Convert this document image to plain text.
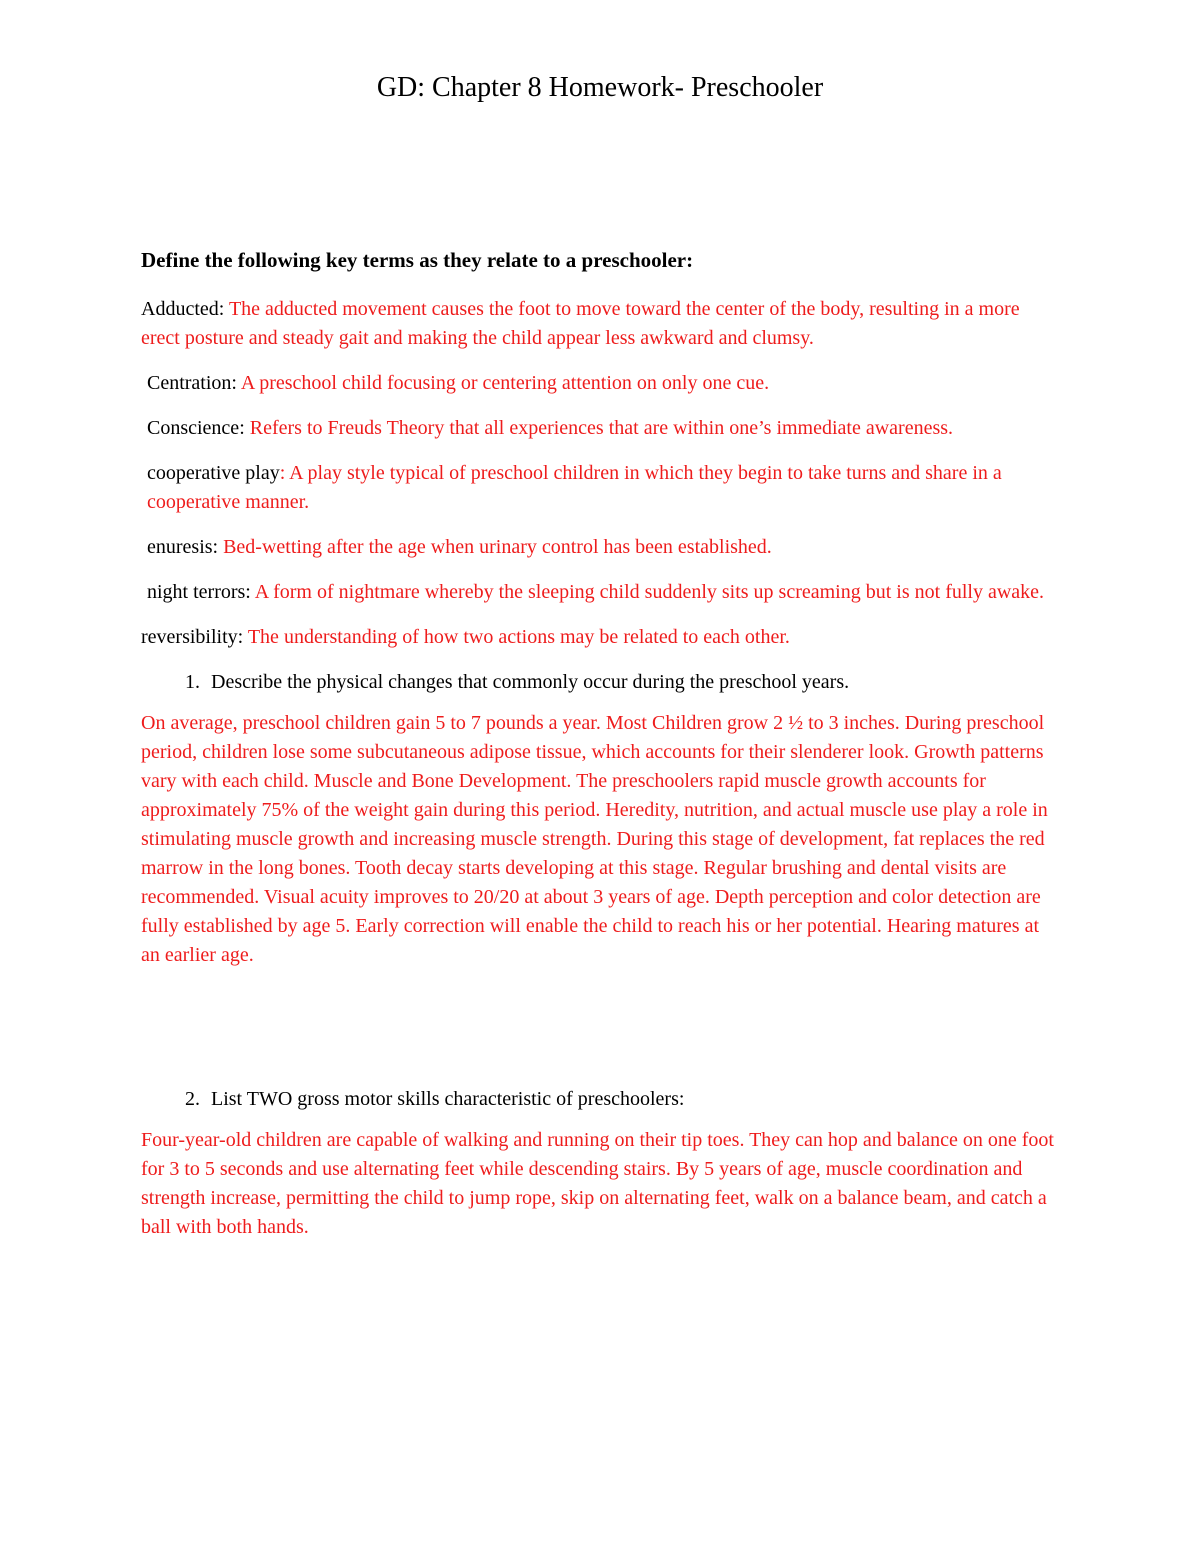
GD: Chapter 8 Homework- Preschooler

Define the following key terms as they relate to a preschooler:

Adducted: The adducted movement causes the foot to move toward the center of the body, resulting in a more erect posture and steady gait and making the child appear less awkward and clumsy.

Centration: A preschool child focusing or centering attention on only one cue.

Conscience: Refers to Freuds Theory that all experiences that are within one’s immediate awareness.

cooperative play: A play style typical of preschool children in which they begin to take turns and share in a cooperative manner.

enuresis: Bed-wetting after the age when urinary control has been established.

night terrors: A form of nightmare whereby the sleeping child suddenly sits up screaming but is not fully awake.

reversibility: The understanding of how two actions may be related to each other.

1. Describe the physical changes that commonly occur during the preschool years.

On average, preschool children gain 5 to 7 pounds a year. Most Children grow 2 ½ to 3 inches. During preschool period, children lose some subcutaneous adipose tissue, which accounts for their slenderer look. Growth patterns vary with each child. Muscle and Bone Development. The preschoolers rapid muscle growth accounts for approximately 75% of the weight gain during this period. Heredity, nutrition, and actual muscle use play a role in stimulating muscle growth and increasing muscle strength. During this stage of development, fat replaces the red marrow in the long bones. Tooth decay starts developing at this stage. Regular brushing and dental visits are recommended. Visual acuity improves to 20/20 at about 3 years of age. Depth perception and color detection are fully established by age 5. Early correction will enable the child to reach his or her potential. Hearing matures at an earlier age.

2. List TWO gross motor skills characteristic of preschoolers:

Four-year-old children are capable of walking and running on their tip toes. They can hop and balance on one foot for 3 to 5 seconds and use alternating feet while descending stairs. By 5 years of age, muscle coordination and strength increase, permitting the child to jump rope, skip on alternating feet, walk on a balance beam, and catch a ball with both hands.
